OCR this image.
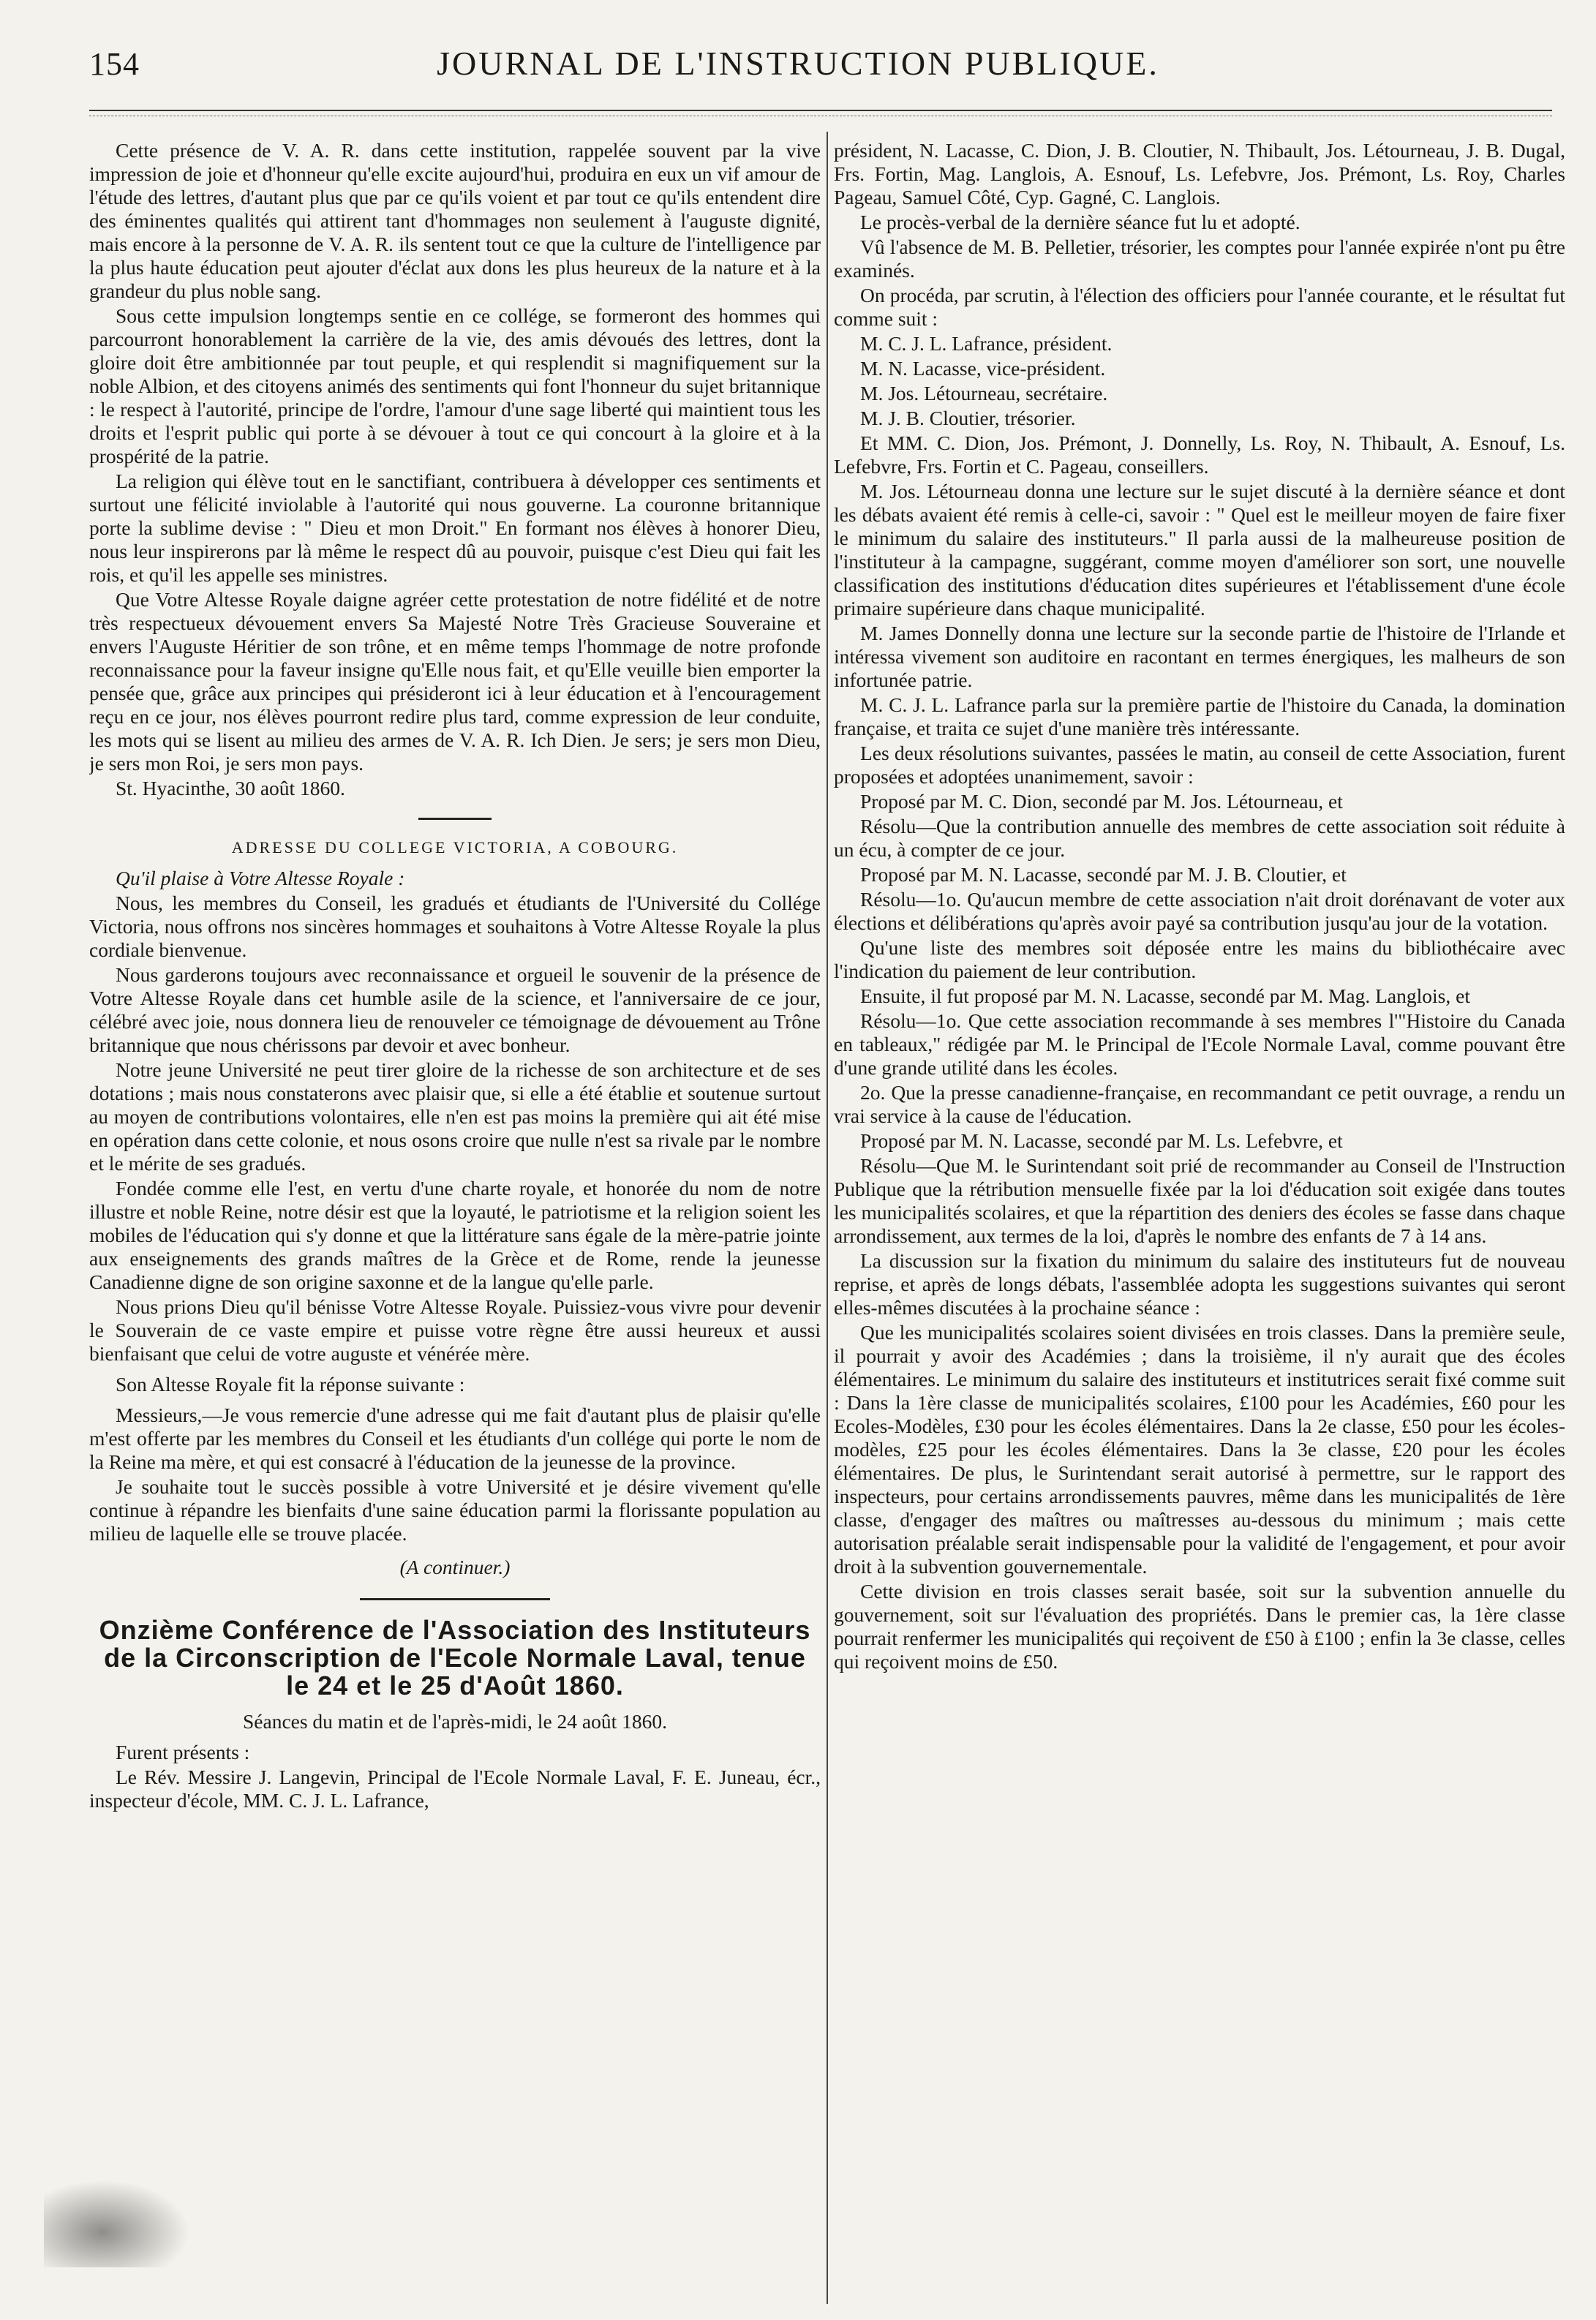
154	JOURNAL DE L'INSTRUCTION PUBLIQUE.

Cette présence de V. A. R. dans cette institution, rappelée souvent par la vive impression de joie et d'honneur qu'elle excite aujourd'hui, produira en eux un vif amour de l'étude des lettres, d'autant plus que par ce qu'ils voient et par tout ce qu'ils entendent dire des éminentes qualités qui attirent tant d'hommages non seulement à l'auguste dignité, mais encore à la personne de V. A. R. ils sentent tout ce que la culture de l'intelligence par la plus haute éducation peut ajouter d'éclat aux dons les plus heureux de la nature et à la grandeur du plus noble sang.

Sous cette impulsion longtemps sentie en ce collége, se formeront des hommes qui parcourront honorablement la carrière de la vie, des amis dévoués des lettres, dont la gloire doit être ambitionnée par tout peuple, et qui resplendit si magnifiquement sur la noble Albion, et des citoyens animés des sentiments qui font l'honneur du sujet britannique : le respect à l'autorité, principe de l'ordre, l'amour d'une sage liberté qui maintient tous les droits et l'esprit public qui porte à se dévouer à tout ce qui concourt à la gloire et à la prospérité de la patrie.

La religion qui élève tout en le sanctifiant, contribuera à développer ces sentiments et surtout une félicité inviolable à l'autorité qui nous gouverne. La couronne britannique porte la sublime devise : " Dieu et mon Droit." En formant nos élèves à honorer Dieu, nous leur inspirerons par là même le respect dû au pouvoir, puisque c'est Dieu qui fait les rois, et qu'il les appelle ses ministres.

Que Votre Altesse Royale daigne agréer cette protestation de notre fidélité et de notre très respectueux dévouement envers Sa Majesté Notre Très Gracieuse Souveraine et envers l'Auguste Héritier de son trône, et en même temps l'hommage de notre profonde reconnaissance pour la faveur insigne qu'Elle nous fait, et qu'Elle veuille bien emporter la pensée que, grâce aux principes qui présideront ici à leur éducation et à l'encouragement reçu en ce jour, nos élèves pourront redire plus tard, comme expression de leur conduite, les mots qui se lisent au milieu des armes de V. A. R. Ich Dien. Je sers; je sers mon Dieu, je sers mon Roi, je sers mon pays.

St. Hyacinthe, 30 août 1860.

ADRESSE DU COLLEGE VICTORIA, A COBOURG.

Qu'il plaise à Votre Altesse Royale :

Nous, les membres du Conseil, les gradués et étudiants de l'Université du Collége Victoria, nous offrons nos sincères hommages et souhaitons à Votre Altesse Royale la plus cordiale bienvenue.

Nous garderons toujours avec reconnaissance et orgueil le souvenir de la présence de Votre Altesse Royale dans cet humble asile de la science, et l'anniversaire de ce jour, célébré avec joie, nous donnera lieu de renouveler ce témoignage de dévouement au Trône britannique que nous chérissons par devoir et avec bonheur.

Notre jeune Université ne peut tirer gloire de la richesse de son architecture et de ses dotations ; mais nous constaterons avec plaisir que, si elle a été établie et soutenue surtout au moyen de contributions volontaires, elle n'en est pas moins la première qui ait été mise en opération dans cette colonie, et nous osons croire que nulle n'est sa rivale par le nombre et le mérite de ses gradués.

Fondée comme elle l'est, en vertu d'une charte royale, et honorée du nom de notre illustre et noble Reine, notre désir est que la loyauté, le patriotisme et la religion soient les mobiles de l'éducation qui s'y donne et que la littérature sans égale de la mère-patrie jointe aux enseignements des grands maîtres de la Grèce et de Rome, rende la jeunesse Canadienne digne de son origine saxonne et de la langue qu'elle parle.

Nous prions Dieu qu'il bénisse Votre Altesse Royale. Puissiez-vous vivre pour devenir le Souverain de ce vaste empire et puisse votre règne être aussi heureux et aussi bienfaisant que celui de votre auguste et vénérée mère.

Son Altesse Royale fit la réponse suivante :

Messieurs,—Je vous remercie d'une adresse qui me fait d'autant plus de plaisir qu'elle m'est offerte par les membres du Conseil et les étudiants d'un collége qui porte le nom de la Reine ma mère, et qui est consacré à l'éducation de la jeunesse de la province.

Je souhaite tout le succès possible à votre Université et je désire vivement qu'elle continue à répandre les bienfaits d'une saine éducation parmi la florissante population au milieu de laquelle elle se trouve placée.

(A continuer.)

Onzième Conférence de l'Association des Instituteurs de la Circonscription de l'Ecole Normale Laval, tenue le 24 et le 25 d'Août 1860.

Séances du matin et de l'après-midi, le 24 août 1860.

Furent présents :

Le Rév. Messire J. Langevin, Principal de l'Ecole Normale Laval, F. E. Juneau, écr., inspecteur d'école, MM. C. J. L. Lafrance,

président, N. Lacasse, C. Dion, J. B. Cloutier, N. Thibault, Jos. Létourneau, J. B. Dugal, Frs. Fortin, Mag. Langlois, A. Esnouf, Ls. Lefebvre, Jos. Prémont, Ls. Roy, Charles Pageau, Samuel Côté, Cyp. Gagné, C. Langlois.

Le procès-verbal de la dernière séance fut lu et adopté.

Vû l'absence de M. B. Pelletier, trésorier, les comptes pour l'année expirée n'ont pu être examinés.

On procéda, par scrutin, à l'élection des officiers pour l'année courante, et le résultat fut comme suit :

M. C. J. L. Lafrance, président.

M. N. Lacasse, vice-président.

M. Jos. Létourneau, secrétaire.

M. J. B. Cloutier, trésorier.

Et MM. C. Dion, Jos. Prémont, J. Donnelly, Ls. Roy, N. Thibault, A. Esnouf, Ls. Lefebvre, Frs. Fortin et C. Pageau, conseillers.

M. Jos. Létourneau donna une lecture sur le sujet discuté à la dernière séance et dont les débats avaient été remis à celle-ci, savoir : " Quel est le meilleur moyen de faire fixer le minimum du salaire des instituteurs." Il parla aussi de la malheureuse position de l'instituteur à la campagne, suggérant, comme moyen d'améliorer son sort, une nouvelle classification des institutions d'éducation dites supérieures et l'établissement d'une école primaire supérieure dans chaque municipalité.

M. James Donnelly donna une lecture sur la seconde partie de l'histoire de l'Irlande et intéressa vivement son auditoire en racontant en termes énergiques, les malheurs de son infortunée patrie.

M. C. J. L. Lafrance parla sur la première partie de l'histoire du Canada, la domination française, et traita ce sujet d'une manière très intéressante.

Les deux résolutions suivantes, passées le matin, au conseil de cette Association, furent proposées et adoptées unanimement, savoir :

Proposé par M. C. Dion, secondé par M. Jos. Létourneau, et

Résolu—Que la contribution annuelle des membres de cette association soit réduite à un écu, à compter de ce jour.

Proposé par M. N. Lacasse, secondé par M. J. B. Cloutier, et

Résolu—1o. Qu'aucun membre de cette association n'ait droit dorénavant de voter aux élections et délibérations qu'après avoir payé sa contribution jusqu'au jour de la votation.

Qu'une liste des membres soit déposée entre les mains du bibliothécaire avec l'indication du paiement de leur contribution.

Ensuite, il fut proposé par M. N. Lacasse, secondé par M. Mag. Langlois, et

Résolu—1o. Que cette association recommande à ses membres l'"Histoire du Canada en tableaux," rédigée par M. le Principal de l'Ecole Normale Laval, comme pouvant être d'une grande utilité dans les écoles.

2o. Que la presse canadienne-française, en recommandant ce petit ouvrage, a rendu un vrai service à la cause de l'éducation.

Proposé par M. N. Lacasse, secondé par M. Ls. Lefebvre, et

Résolu—Que M. le Surintendant soit prié de recommander au Conseil de l'Instruction Publique que la rétribution mensuelle fixée par la loi d'éducation soit exigée dans toutes les municipalités scolaires, et que la répartition des deniers des écoles se fasse dans chaque arrondissement, aux termes de la loi, d'après le nombre des enfants de 7 à 14 ans.

La discussion sur la fixation du minimum du salaire des instituteurs fut de nouveau reprise, et après de longs débats, l'assemblée adopta les suggestions suivantes qui seront elles-mêmes discutées à la prochaine séance :

Que les municipalités scolaires soient divisées en trois classes. Dans la première seule, il pourrait y avoir des Académies ; dans la troisième, il n'y aurait que des écoles élémentaires. Le minimum du salaire des instituteurs et institutrices serait fixé comme suit : Dans la 1ère classe de municipalités scolaires, £100 pour les Académies, £60 pour les Ecoles-Modèles, £30 pour les écoles élémentaires. Dans la 2e classe, £50 pour les écoles-modèles, £25 pour les écoles élémentaires. Dans la 3e classe, £20 pour les écoles élémentaires. De plus, le Surintendant serait autorisé à permettre, sur le rapport des inspecteurs, pour certains arrondissements pauvres, même dans les municipalités de 1ère classe, d'engager des maîtres ou maîtresses au-dessous du minimum ; mais cette autorisation préalable serait indispensable pour la validité de l'engagement, et pour avoir droit à la subvention gouvernementale.

Cette division en trois classes serait basée, soit sur la subvention annuelle du gouvernement, soit sur l'évaluation des propriétés. Dans le premier cas, la 1ère classe pourrait renfermer les municipalités qui reçoivent de £50 à £100 ; enfin la 3e classe, celles qui reçoivent moins de £50.
